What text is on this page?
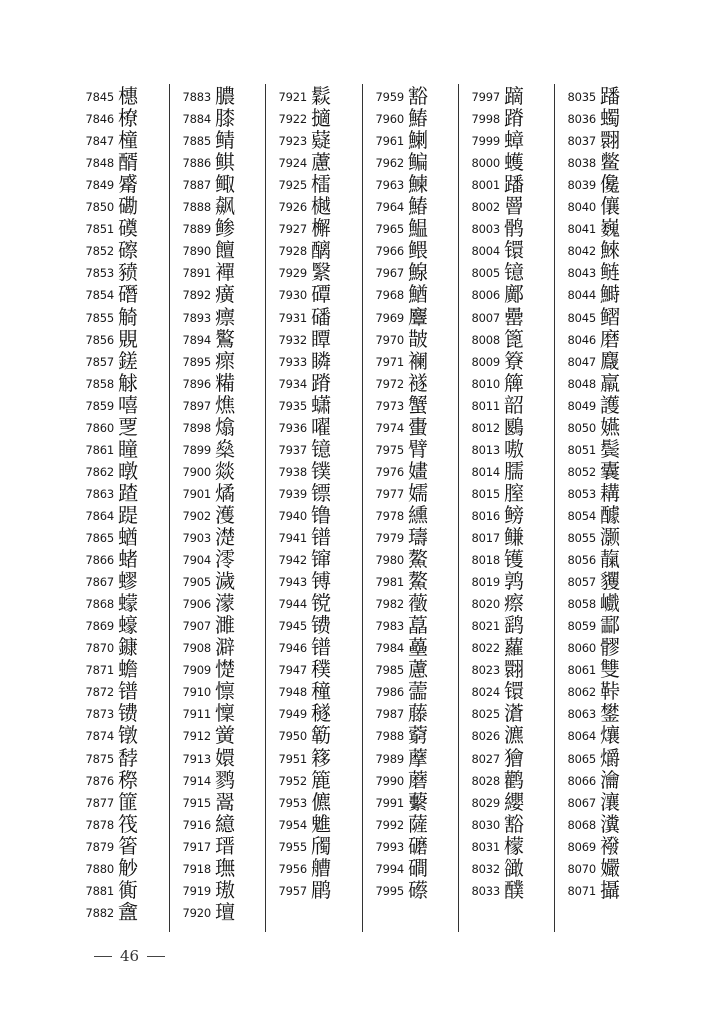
7845 橞
7846 橑
7847 橦
7848 醑
7849 觱
7850 磡
7851 磸
7852 䃰
7853 豮
7854 䃡
7855 觭
7856 覞
7857 鎈
7858 觩
7859 嘻
7860 覂
7861 瞳
7862 暾
7863 蹅
7864 踶
7865 蝤
7866 蝫
7867 蟉
7868 蠓
7869 蠔
7870 鏮
7871 蟾
7872 镨
7873 镄
7874 镦
7875 馞
7876 穄
7877 篚
7878 筏
7879 箵
7880 觘
7881 衠
7882 盦
7883 膿
7884 膝
7885 鲭
7886 鲯
7887 鲰
7888 飙
7889 鲹
7890 饘
7891 襌
7892 癀
7893 瘭
7894 鸄
7895 瘝
7896 糒
7897 燋
7898 熻
7899 燊
7900 燚
7901 燏
7902 濩
7903 濋
7904 澪
7905 濊
7906 濛
7907 濉
7908 澼
7909 憷
7910 懔
7911 懍
7912 黉
7913 嬛
7914 鹨
7915 翯
7916 繶
7917 瑨
7918 璑
7919 璈
7920 璮
7921 鬏
7922 擿
7923 薿
7924 藘
7925 檑
7926 樾
7927 檞
7928 醨
7929 繄
7930 磹
7931 磻
7932 瞫
7933 瞵
7934 蹐
7935 蟏
7936 嚁
7937 镱
7938 镤
7939 镖
7940 镥
7941 镨
7942 镩
7943 镈
7944 镋
7945 镄
7946 镨
7947 穙
7948 穜
7949 穟
7950 簕
7951 簃
7952 簏
7953 儦
7954 魋
7955 斶
7956 艚
7957 鹛
7959 豁
7960 鰆
7961 鯻
7962 鳊
7963 鰊
7964 鰆
7965 鰛
7966 鳂
7967 鰁
7968 鰌
7969 麞
7970 皵
7971 襕
7972 襚
7973 蟹
7974 蟗
7975 臂
7976 嫿
7977 嬬
7978 纁
7979 璹
7980 鰲
7981 鰲
7982 藢
7983 藠
7984 蘲
7985 藘
7986 蘦
7987 藤
7988 藭
7989 藦
7990 蘑
7991 蘻
7992 薩
7993 礳
7994 磵
7995 礤
7997 蹢
7998 蹐
7999 蟑
8000 蠖
8001 蹯
8002 罾
8003 鹘
8004 镮
8005 镱
8006 鄺
8007 罍
8008 篦
8009 簝
8010 簰
8011 韶
8012 鶠
8013 嗷
8014 臑
8015 膣
8016 鳑
8017 鳒
8018 镬
8019 鹑
8020 瘵
8021 鹞
8022 蘿
8023 翾
8024 镮
8025 濸
8026 瀌
8027 獪
8028 鹳
8029 纓
8030 豁
8031 檬
8032 豃
8033 醭
8035 蹯
8036 蠋
8037 翾
8038 鳖
8039 儳
8040 儴
8041 巍
8042 鯠
8043 鲢
8044 鰣
8045 鳛
8046 磨
8047 麙
8048 羸
8049 護
8050 嬿
8051 鬓
8052 囊
8053 耩
8054 醵
8055 灏
8056 靝
8057 貜
8058 巇
8059 酃
8060 髎
8061 雙
8062 鞐
8063 鐢
8064 爙
8065 爝
8066 瀹
8067 瀼
8068 瀵
8069 襏
8070 孍
8071 攝
46
